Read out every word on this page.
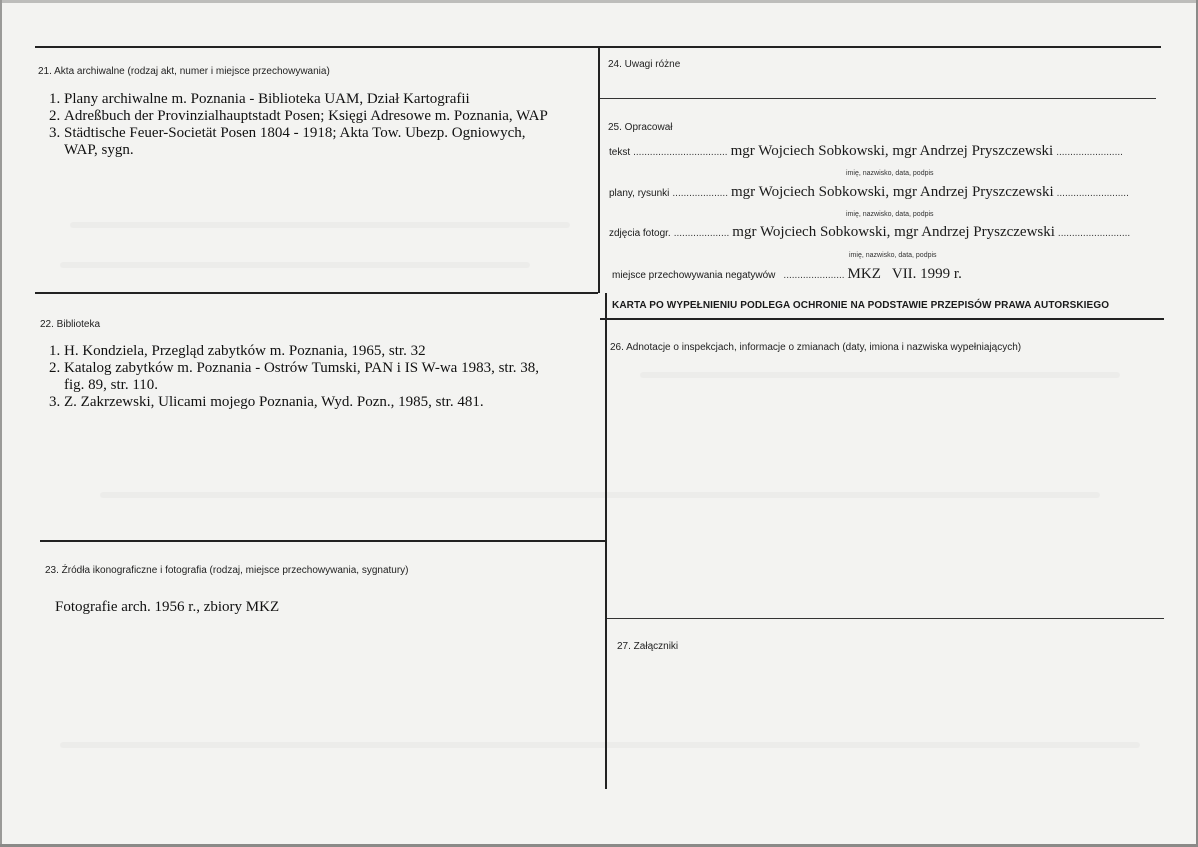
21. Akta archiwalne (rodzaj akt, numer i miejsce przechowywania)
1. Plany archiwalne m. Poznania - Biblioteka UAM, Dział Kartografii
2. Adreßbuch der Provinzialhauptstadt Posen; Księgi Adresowe m. Poznania, WAP
3. Städtische Feuer-Societät Posen 1804 - 1918; Akta Tow. Ubezp. Ogniowych,
WAP, sygn.
22. Biblioteka
1. H. Kondziela, Przegląd zabytków m. Poznania, 1965, str. 32
2. Katalog zabytków m. Poznania - Ostrów Tumski, PAN i IS W-wa 1983, str. 38,
fig. 89, str. 110.
3. Z. Zakrzewski, Ulicami mojego Poznania, Wyd. Pozn., 1985, str. 481.
23. Źródła ikonograficzne i fotografia (rodzaj, miejsce przechowywania, sygnatury)
Fotografie arch. 1956 r., zbiory MKZ
24. Uwagi różne
25. Opracował
tekst .................................. mgr Wojciech Sobkowski, mgr Andrzej Pryszczewski ........................
imię, nazwisko, data, podpis
plany, rysunki .................... mgr Wojciech Sobkowski, mgr Andrzej Pryszczewski ..........................
imię, nazwisko, data, podpis
zdjęcia fotogr. .................... mgr Wojciech Sobkowski, mgr Andrzej Pryszczewski ..........................
imię, nazwisko, data, podpis
miejsce przechowywania negatywów ...................... MKZ   VII. 1999 r.
KARTA PO WYPEŁNIENIU PODLEGA OCHRONIE NA PODSTAWIE PRZEPISÓW PRAWA AUTORSKIEGO
26. Adnotacje o inspekcjach, informacje o zmianach (daty, imiona i nazwiska wypełniających)
27. Załączniki
